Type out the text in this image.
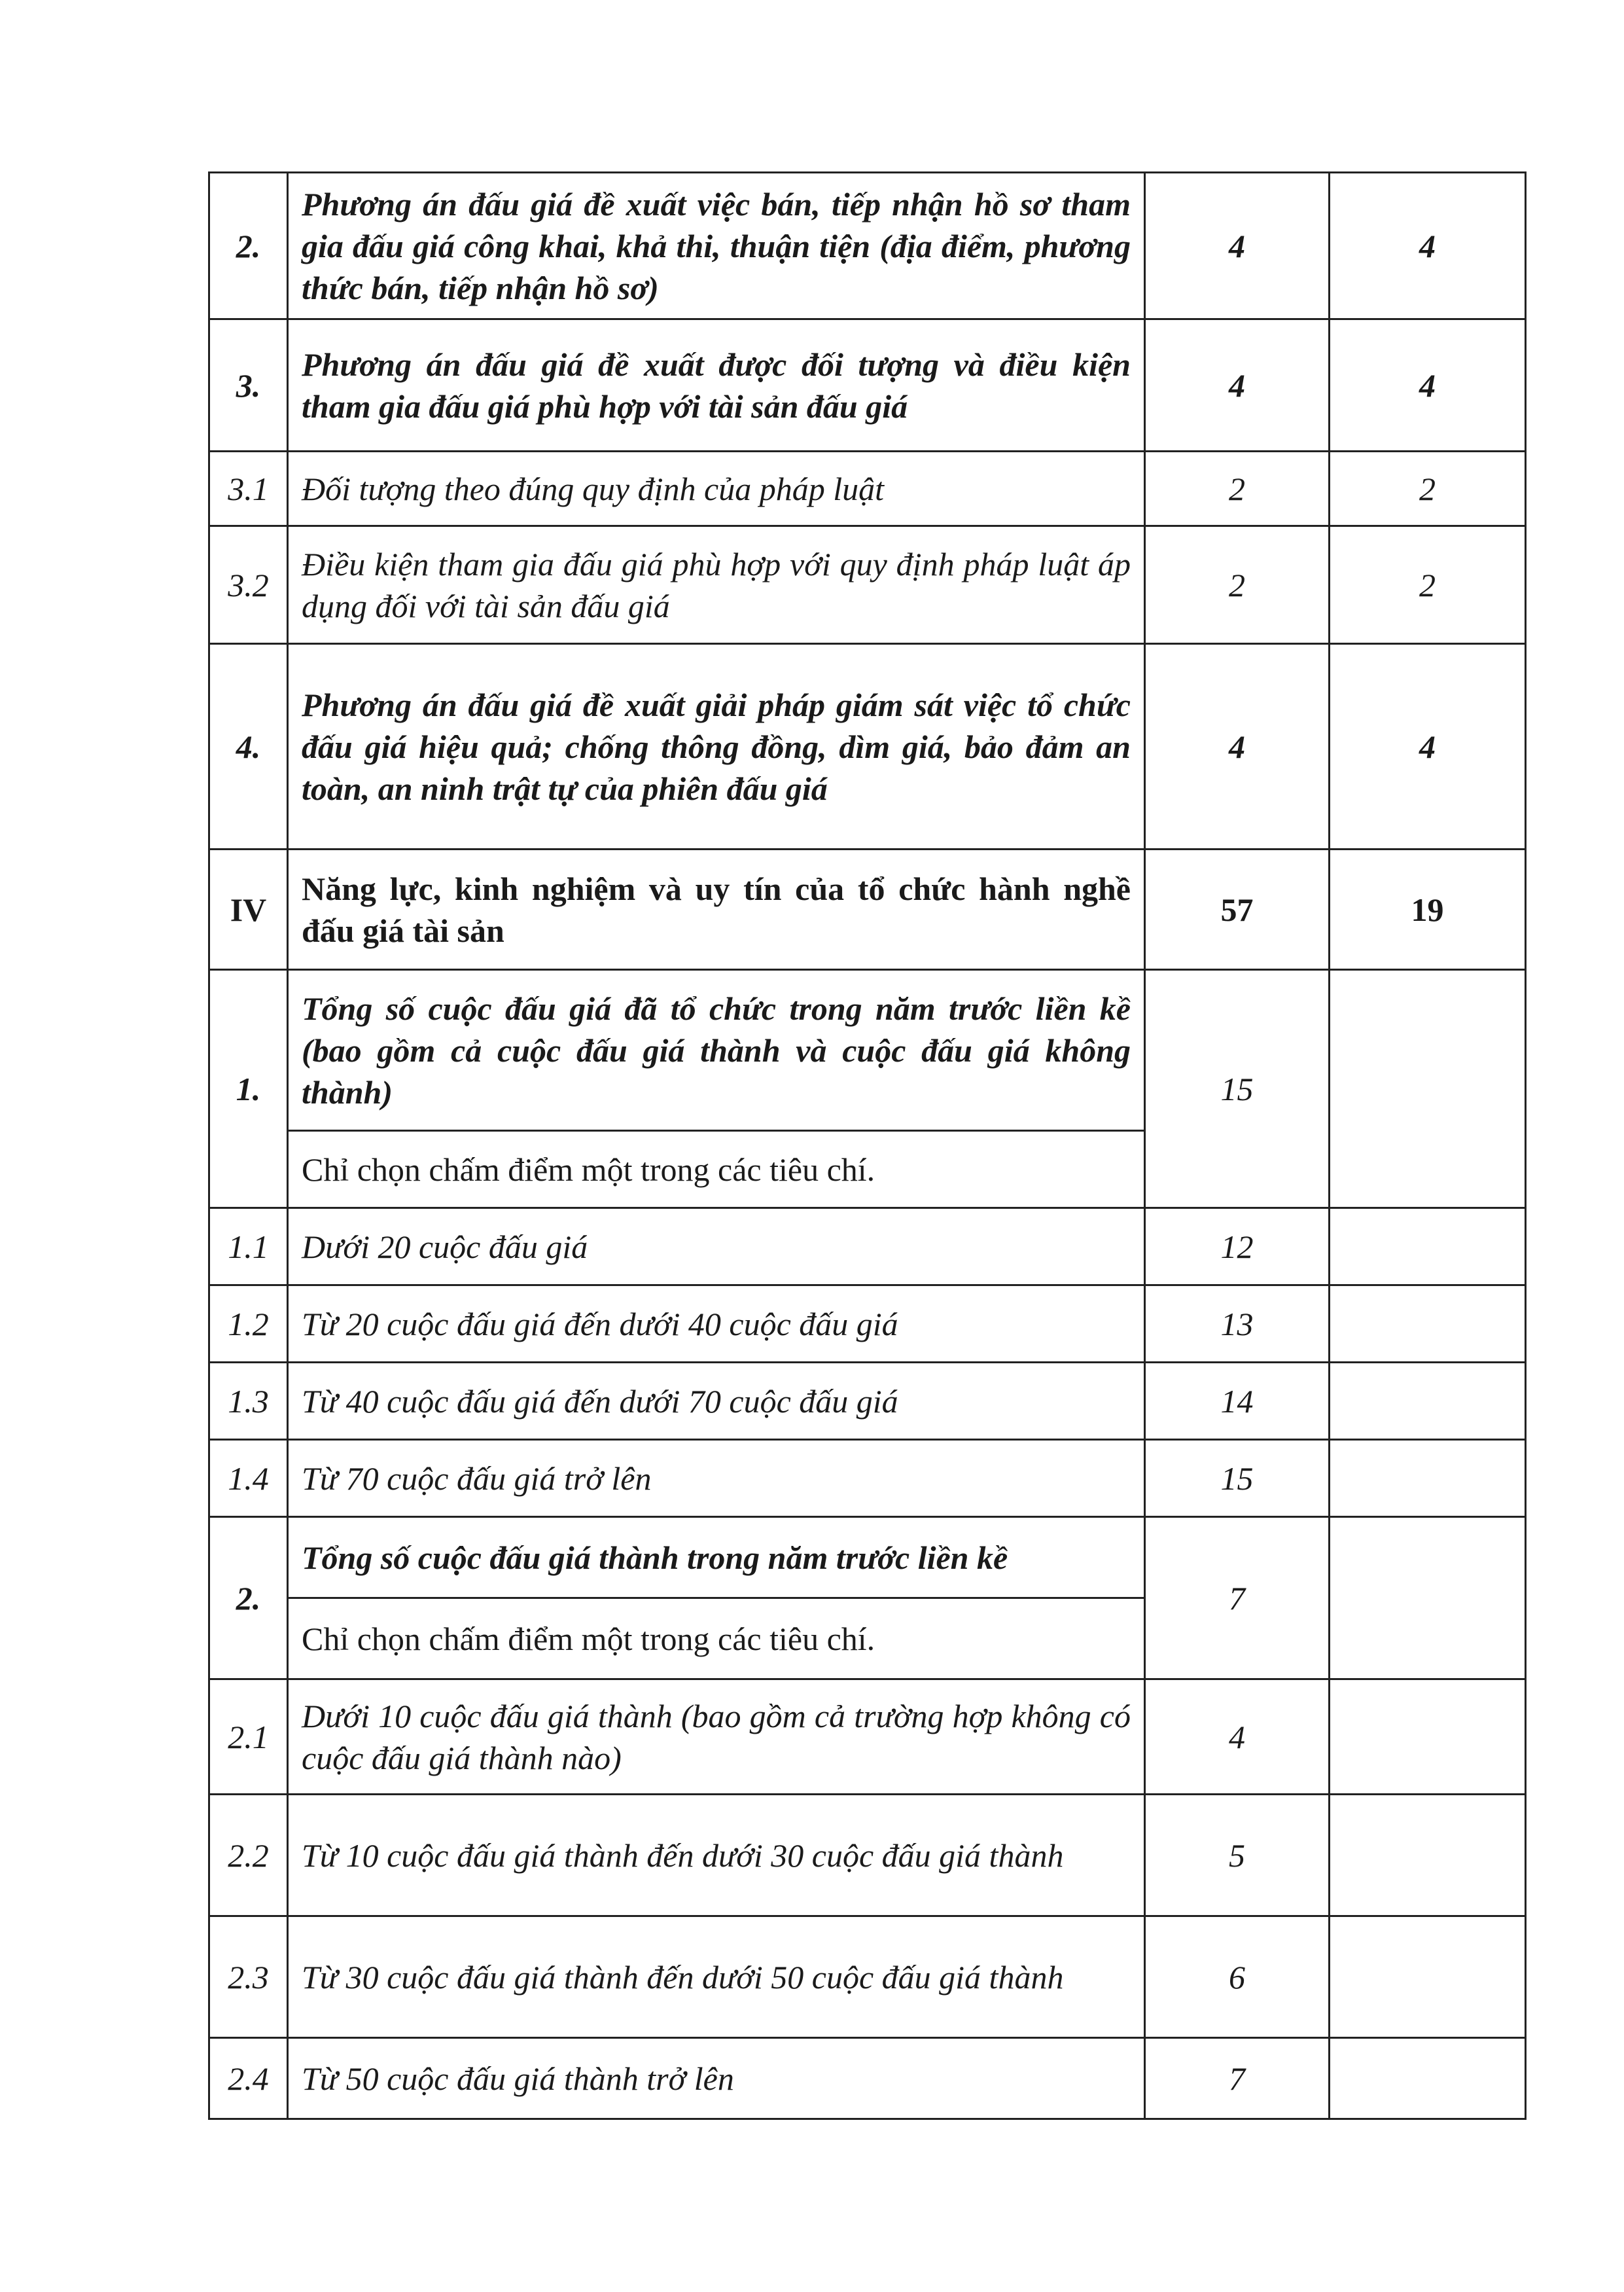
2.	Phương án đấu giá đề xuất việc bán, tiếp nhận hồ sơ tham gia đấu giá công khai, khả thi, thuận tiện (địa điểm, phương thức bán, tiếp nhận hồ sơ)	4	4
3.	Phương án đấu giá đề xuất được đối tượng và điều kiện tham gia đấu giá phù hợp với tài sản đấu giá	4	4
3.1	Đối tượng theo đúng quy định của pháp luật	2	2
3.2	Điều kiện tham gia đấu giá phù hợp với quy định pháp luật áp dụng đối với tài sản đấu giá	2	2
4.	Phương án đấu giá đề xuất giải pháp giám sát việc tổ chức đấu giá hiệu quả; chống thông đồng, dìm giá, bảo đảm an toàn, an ninh trật tự của phiên đấu giá	4	4
IV	Năng lực, kinh nghiệm và uy tín của tổ chức hành nghề đấu giá tài sản	57	19
1.	Tổng số cuộc đấu giá đã tổ chức trong năm trước liền kề (bao gồm cả cuộc đấu giá thành và cuộc đấu giá không thành)	15	
	Chỉ chọn chấm điểm một trong các tiêu chí.		
1.1	Dưới 20 cuộc đấu giá	12	
1.2	Từ 20 cuộc đấu giá đến dưới 40 cuộc đấu giá	13	
1.3	Từ 40 cuộc đấu giá đến dưới 70 cuộc đấu giá	14	
1.4	Từ 70 cuộc đấu giá trở lên	15	
2.	Tổng số cuộc đấu giá thành trong năm trước liền kề	7	
	Chỉ chọn chấm điểm một trong các tiêu chí.		
2.1	Dưới 10 cuộc đấu giá thành (bao gồm cả trường hợp không có cuộc đấu giá thành nào)	4	
2.2	Từ 10 cuộc đấu giá thành đến dưới 30 cuộc đấu giá thành	5	
2.3	Từ 30 cuộc đấu giá thành đến dưới 50 cuộc đấu giá thành	6	
2.4	Từ 50 cuộc đấu giá thành trở lên	7	
